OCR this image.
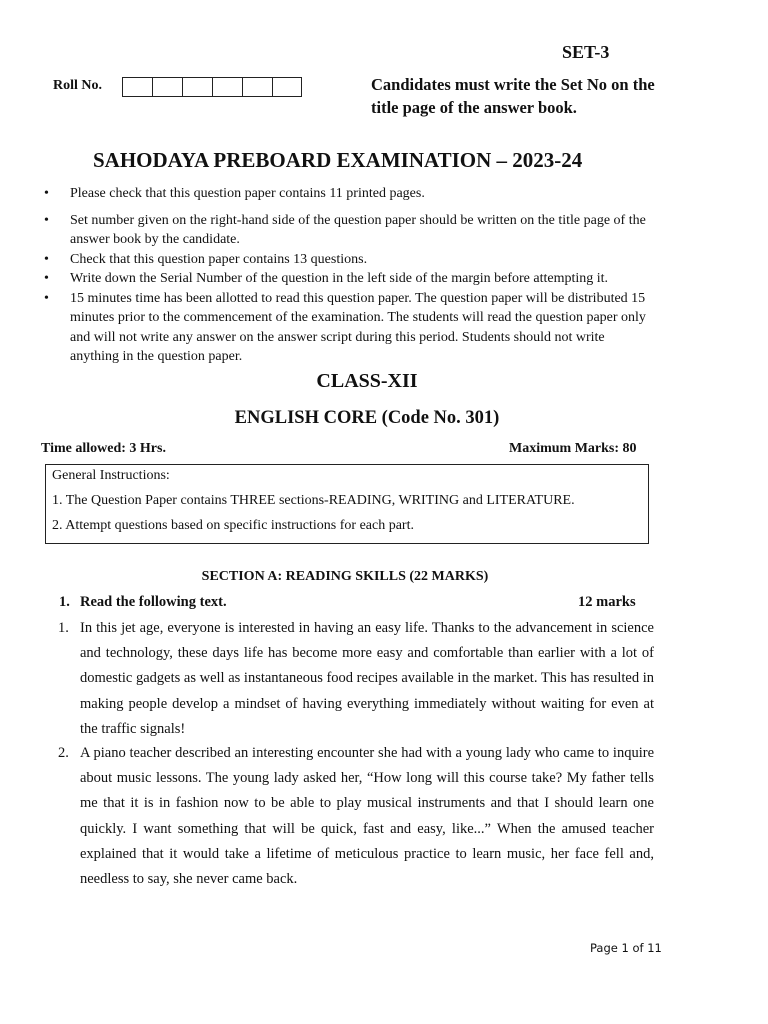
SET-3
Roll No.	Candidates must write the Set No on the title page of the answer book.
SAHODAYA PREBOARD EXAMINATION – 2023-24
• Please check that this question paper contains 11 printed pages.
• Set number given on the right-hand side of the question paper should be written on the title page of the answer book by the candidate.
• Check that this question paper contains 13 questions.
• Write down the Serial Number of the question in the left side of the margin before attempting it.
• 15 minutes time has been allotted to read this question paper. The question paper will be distributed 15 minutes prior to the commencement of the examination. The students will read the question paper only and will not write any answer on the answer script during this period. Students should not write anything in the question paper.
CLASS-XII
ENGLISH CORE (Code No. 301)
Time allowed: 3 Hrs.	Maximum Marks: 80
General Instructions:
1. The Question Paper contains THREE sections-READING, WRITING and LITERATURE.
2. Attempt questions based on specific instructions for each part.
SECTION A: READING SKILLS (22 MARKS)
1. Read the following text.	12 marks
1. In this jet age, everyone is interested in having an easy life. Thanks to the advancement in science and technology, these days life has become more easy and comfortable than earlier with a lot of domestic gadgets as well as instantaneous food recipes available in the market. This has resulted in making people develop a mindset of having everything immediately without waiting for even at the traffic signals!
2. A piano teacher described an interesting encounter she had with a young lady who came to inquire about music lessons. The young lady asked her, “How long will this course take? My father tells me that it is in fashion now to be able to play musical instruments and that I should learn one quickly. I want something that will be quick, fast and easy, like...” When the amused teacher explained that it would take a lifetime of meticulous practice to learn music, her face fell and, needless to say, she never came back.
Page 1 of 11
